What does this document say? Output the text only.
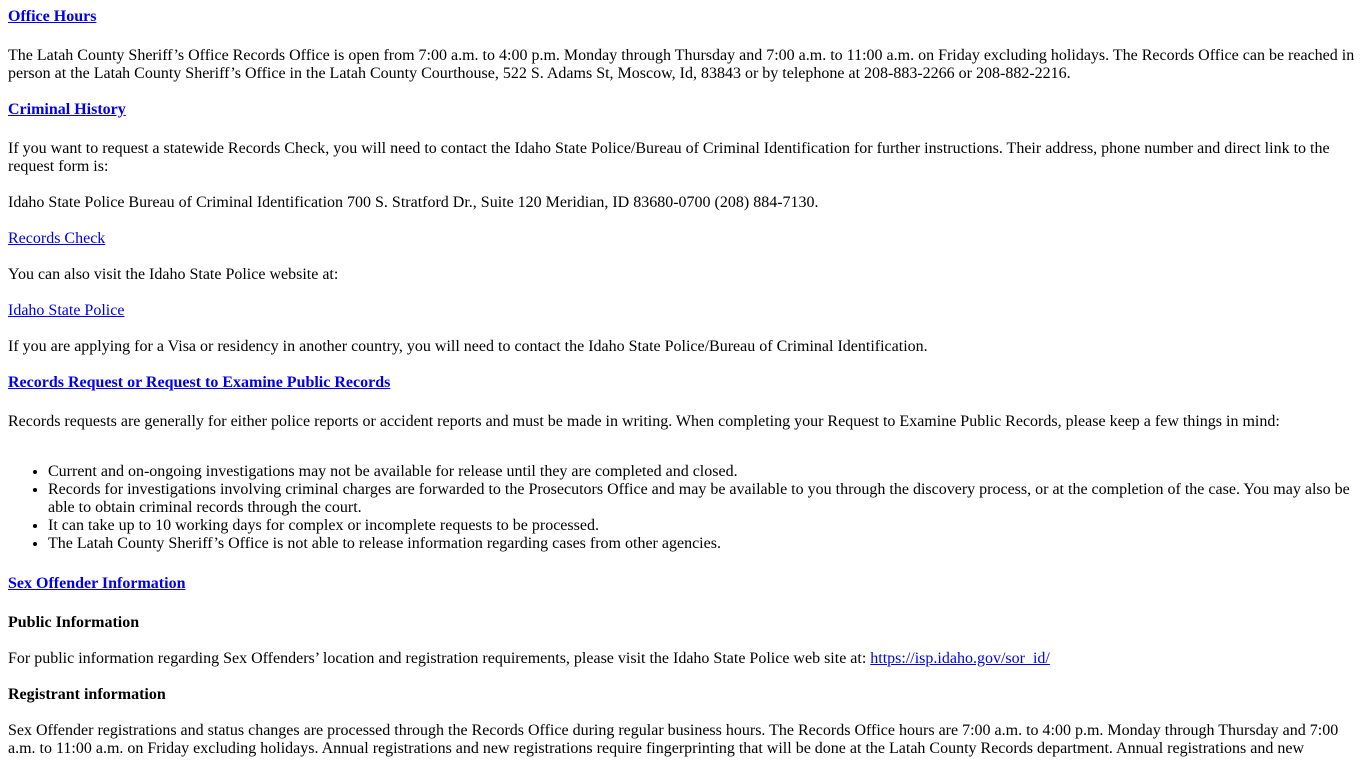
Office Hours

The Latah County Sheriff’s Office Records Office is open from 7:00 a.m. to 4:00 p.m. Monday through Thursday and 7:00 a.m. to 11:00 a.m. on Friday excluding holidays. The Records Office can be reached in person at the Latah County Sheriff’s Office in the Latah County Courthouse, 522 S. Adams St, Moscow, Id, 83843 or by telephone at 208-883-2266 or 208-882-2216.

Criminal History

If you want to request a statewide Records Check, you will need to contact the Idaho State Police/Bureau of Criminal Identification for further instructions. Their address, phone number and direct link to the request form is:

Idaho State Police Bureau of Criminal Identification 700 S. Stratford Dr., Suite 120 Meridian, ID 83680-0700 (208) 884-7130.

Records Check

You can also visit the Idaho State Police website at:

Idaho State Police

If you are applying for a Visa or residency in another country, you will need to contact the Idaho State Police/Bureau of Criminal Identification.

Records Request or Request to Examine Public Records

Records requests are generally for either police reports or accident reports and must be made in writing. When completing your Request to Examine Public Records, please keep a few things in mind:

• Current and on-ongoing investigations may not be available for release until they are completed and closed.
• Records for investigations involving criminal charges are forwarded to the Prosecutors Office and may be available to you through the discovery process, or at the completion of the case. You may also be able to obtain criminal records through the court.
• It can take up to 10 working days for complex or incomplete requests to be processed.
• The Latah County Sheriff’s Office is not able to release information regarding cases from other agencies.
Sex Offender Information
Public Information

For public information regarding Sex Offenders’ location and registration requirements, please visit the Idaho State Police web site at: https://isp.idaho.gov/sor_id/

Registrant information

Sex Offender registrations and status changes are processed through the Records Office during regular business hours. The Records Office hours are 7:00 a.m. to 4:00 p.m. Monday through Thursday and 7:00 a.m. to 11:00 a.m. on Friday excluding holidays. Annual registrations and new registrations require fingerprinting that will be done at the Latah County Records department. Annual registrations and new
